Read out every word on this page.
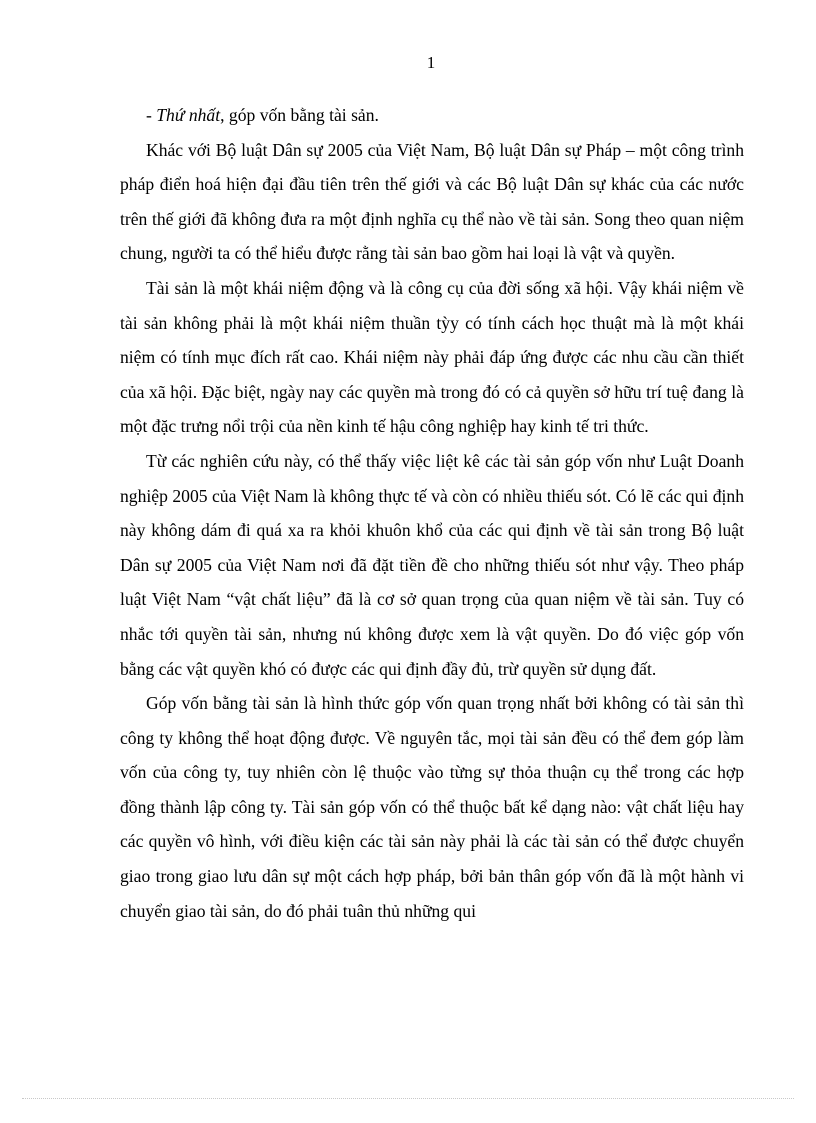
1

- Thứ nhất, góp vốn bằng tài sản.

Khác với Bộ luật Dân sự 2005 của Việt Nam, Bộ luật Dân sự Pháp – một công trình pháp điển hoá hiện đại đầu tiên trên thế giới và các Bộ luật Dân sự khác của các nước trên thế giới đã không đưa ra một định nghĩa cụ thể nào về tài sản. Song theo quan niệm chung, người ta có thể hiểu được rằng tài sản bao gồm hai loại là vật và quyền.

Tài sản là một khái niệm động và là công cụ của đời sống xã hội. Vậy khái niệm về tài sản không phải là một khái niệm thuần tỳy có tính cách học thuật mà là một khái niệm có tính mục đích rất cao. Khái niệm này phải đáp ứng được các nhu cầu cần thiết của xã hội. Đặc biệt, ngày nay các quyền mà trong đó có cả quyền sở hữu trí tuệ đang là một đặc trưng nổi trội của nền kinh tế hậu công nghiệp hay kinh tế tri thức.

Từ các nghiên cứu này, có thể thấy việc liệt kê các tài sản góp vốn như Luật Doanh nghiệp 2005 của Việt Nam là không thực tế và còn có nhiều thiếu sót. Có lẽ các qui định này không dám đi quá xa ra khỏi khuôn khổ của các qui định về tài sản trong Bộ luật Dân sự 2005 của Việt Nam nơi đã đặt tiền đề cho những thiếu sót như vậy. Theo pháp luật Việt Nam “vật chất liệu” đã là cơ sở quan trọng của quan niệm về tài sản. Tuy có nhắc tới quyền tài sản, nhưng nú không được xem là vật quyền. Do đó việc góp vốn bằng các vật quyền khó có được các qui định đầy đủ, trừ quyền sử dụng đất.

Góp vốn bằng tài sản là hình thức góp vốn quan trọng nhất bởi không có tài sản thì công ty không thể hoạt động được. Về nguyên tắc, mọi tài sản đều có thể đem góp làm vốn của công ty, tuy nhiên còn lệ thuộc vào từng sự thỏa thuận cụ thể trong các hợp đồng thành lập công ty. Tài sản góp vốn có thể thuộc bất kể dạng nào: vật chất liệu hay các quyền vô hình, với điều kiện các tài sản này phải là các tài sản có thể được chuyển giao trong giao lưu dân sự một cách hợp pháp, bởi bản thân góp vốn đã là một hành vi chuyển giao tài sản, do đó phải tuân thủ những qui
